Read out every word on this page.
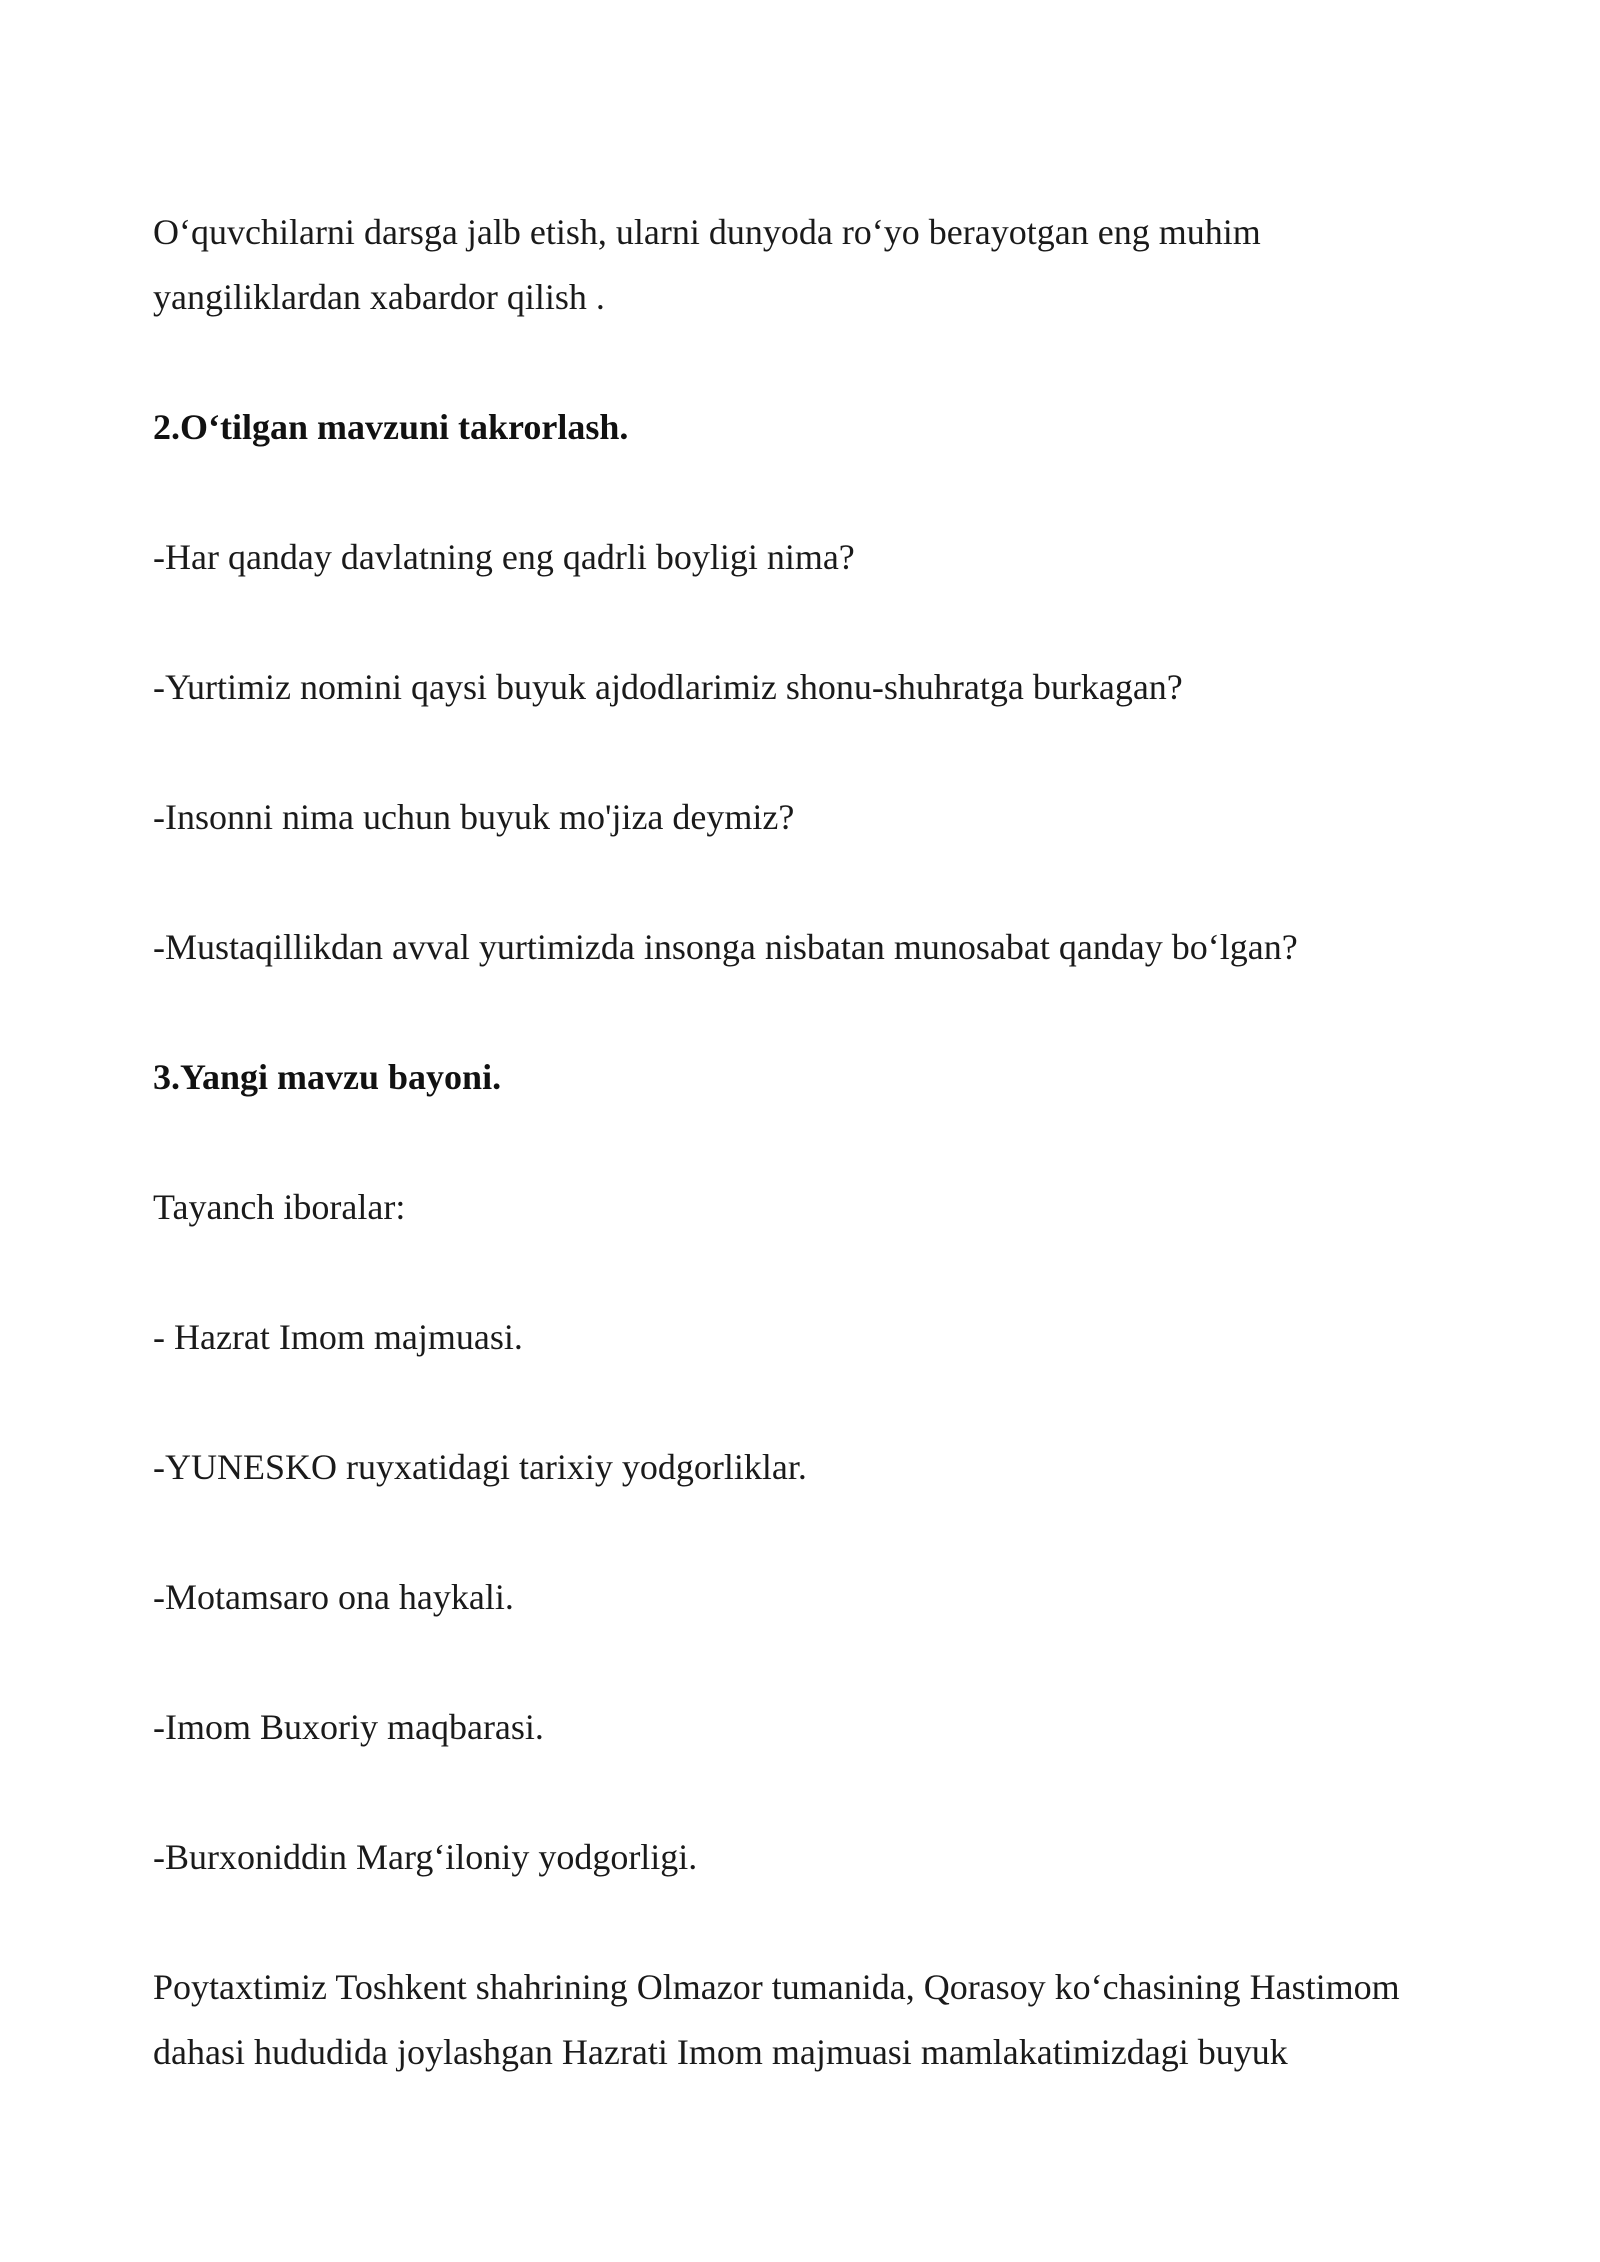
O‘quvchilarni darsga jalb etish, ularni dunyoda ro‘yo berayotgan eng muhim yangiliklardan xabardor qilish .

2.O‘tilgan mavzuni takrorlash.

-Har qanday davlatning eng qadrli boyligi nima?

-Yurtimiz nomini qaysi buyuk ajdodlarimiz shonu-shuhratga burkagan?

-Insonni nima uchun buyuk mo'jiza deymiz?

-Mustaqillikdan avval yurtimizda insonga nisbatan munosabat qanday bo‘lgan?

3.Yangi mavzu bayoni.

Tayanch iboralar:

- Hazrat Imom majmuasi.

-YUNESKO ruyxatidagi tarixiy yodgorliklar.

-Motamsaro ona haykali.

-Imom Buxoriy maqbarasi.

-Burxoniddin Marg‘iloniy yodgorligi.

Poytaxtimiz Toshkent shahrining Olmazor tumanida, Qorasoy ko‘chasining Hastimom dahasi hududida joylashgan Hazrati Imom majmuasi mamlakatimizdagi buyuk
